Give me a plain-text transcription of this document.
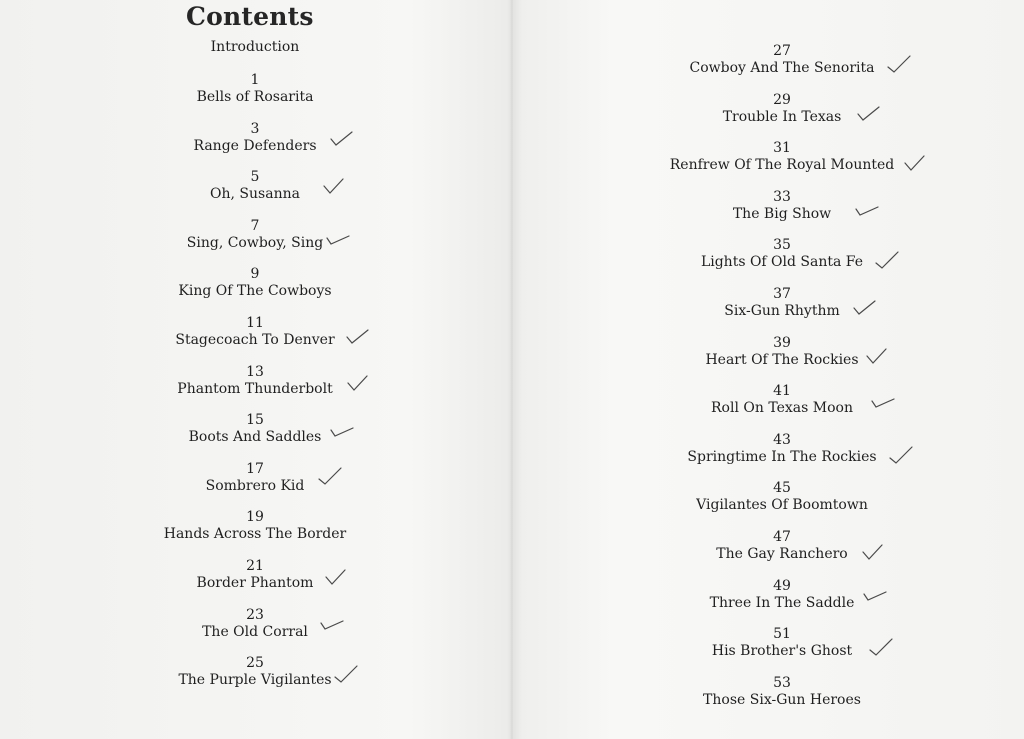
Contents
Introduction
1
Bells of Rosarita
3
Range Defenders
5
Oh, Susanna
7
Sing, Cowboy, Sing
9
King Of The Cowboys
11
Stagecoach To Denver
13
Phantom Thunderbolt
15
Boots And Saddles
17
Sombrero Kid
19
Hands Across The Border
21
Border Phantom
23
The Old Corral
25
The Purple Vigilantes
27
Cowboy And The Senorita
29
Trouble In Texas
31
Renfrew Of The Royal Mounted
33
The Big Show
35
Lights Of Old Santa Fe
37
Six-Gun Rhythm
39
Heart Of The Rockies
41
Roll On Texas Moon
43
Springtime In The Rockies
45
Vigilantes Of Boomtown
47
The Gay Ranchero
49
Three In The Saddle
51
His Brother's Ghost
53
Those Six-Gun Heroes
